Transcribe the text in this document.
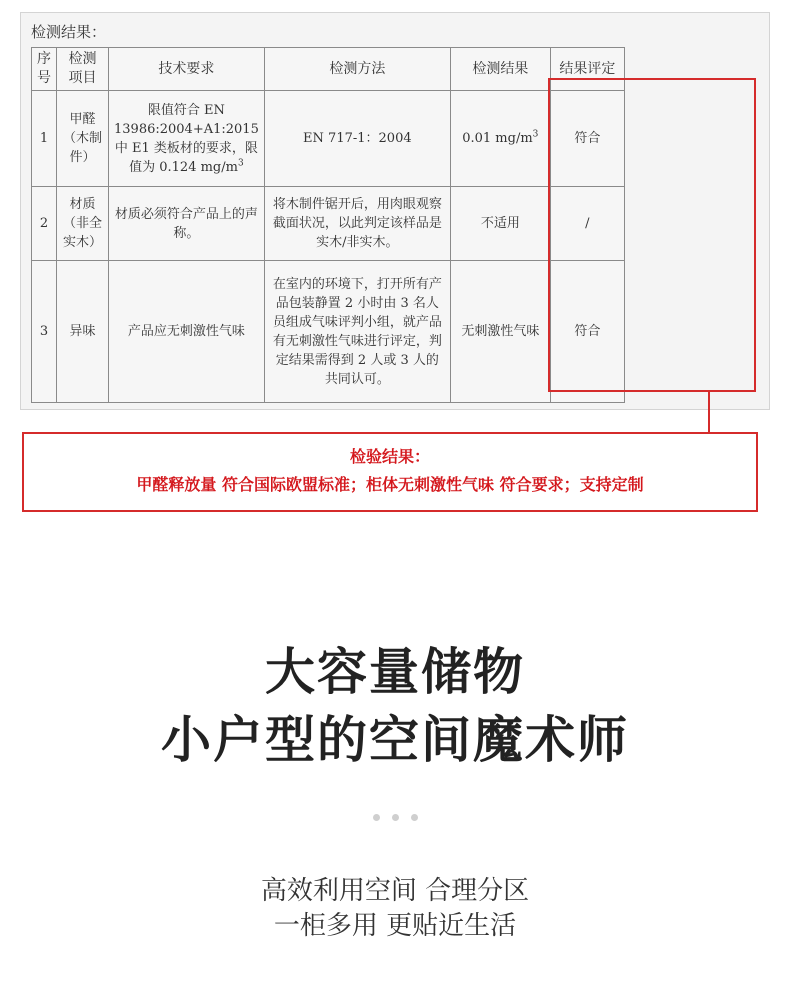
检测结果：
序号	检测项目	技术要求	检测方法	检测结果	结果评定
1	甲醛（木制件）	限值符合 EN 13986:2004+A1:2015 中 E1 类板材的要求，限值为 0.124 $mg/m^3$	EN 717-1：2004	0.01 $mg/m^3$	符合
2	材质（非全实木）	材质必须符合产品上的声称。	将木制件锯开后，用肉眼观察截面状况，以此判定该样品是实木/非实木。	不适用	/
3	异味	产品应无刺激性气味	在室内的环境下，打开所有产品包装静置 2 小时由 3 名人员组成气味评判小组，就产品有无刺激性气味进行评定，判定结果需得到 2 人或 3 人的共同认可。	无刺激性气味	符合
检验结果：
甲醛释放量 符合国际欧盟标准；柜体无刺激性气味 符合要求；支持定制
大容量储物
小户型的空间魔术师

高效利用空间 合理分区
一柜多用 更贴近生活
